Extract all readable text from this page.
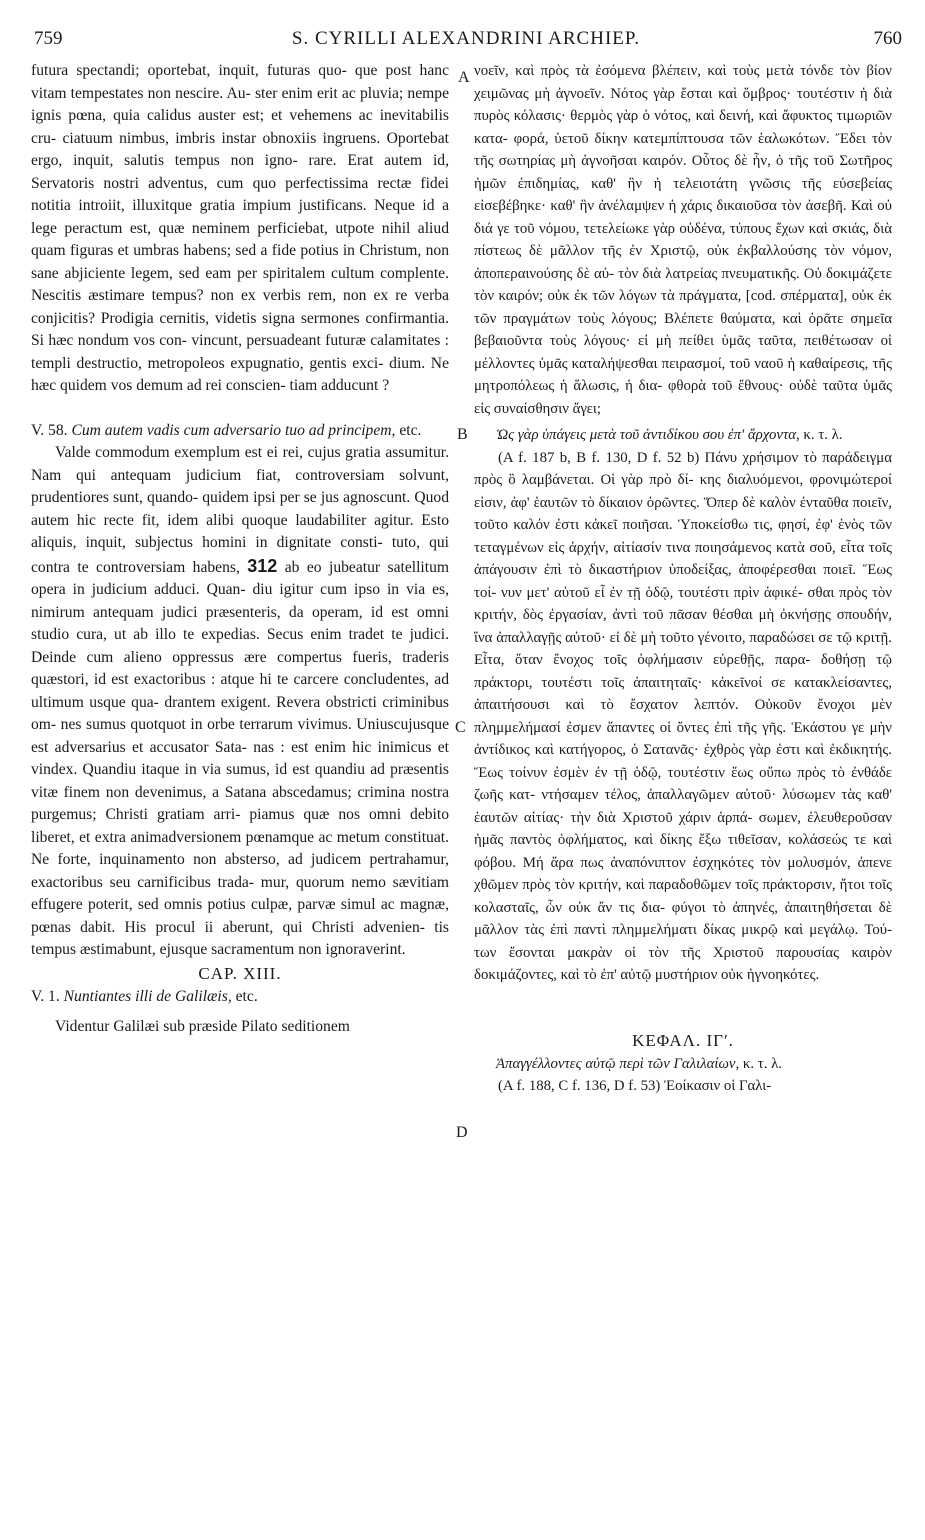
759	S. CYRILLI ALEXANDRINI ARCHIEP.	760
A
B
C
D

futura spectandi; oportebat, inquit, futuras quo- que post hanc vitam tempestates non nescire. Au- ster enim erit ac pluvia; nempe ignis pœna, quia calidus auster est; et vehemens ac inevitabilis cru- ciatuum nimbus, imbris instar obnoxiis ingruens. Oportebat ergo, inquit, salutis tempus non igno- rare. Erat autem id, Servatoris nostri adventus, cum quo perfectissima rectæ fidei notitia introiit, illuxitque gratia impium justificans. Neque id a lege peractum est, quæ neminem perficiebat, utpote nihil aliud quam figuras et umbras habens; sed a fide potius in Christum, non sane abjiciente legem, sed eam per spiritalem cultum complente. Nescitis æstimare tempus? non ex verbis rem, non ex re verba conjicitis? Prodigia cernitis, videtis signa sermones confirmantia. Si hæc nondum vos con- vincunt, persuadeant futuræ calamitates : templi destructio, metropoleos expugnatio, gentis exci- dium. Ne hæc quidem vos demum ad rei conscien- tiam adducunt ?

V. 58. Cum autem vadis cum adversario tuo ad principem, etc.

Valde commodum exemplum est ei rei, cujus gratia assumitur. Nam qui antequam judicium fiat, controversiam solvunt, prudentiores sunt, quando- quidem ipsi per se jus agnoscunt. Quod autem hic recte fit, idem alibi quoque laudabiliter agitur. Esto aliquis, inquit, subjectus homini in dignitate consti- tuto, qui contra te controversiam habens, 312 ab eo jubeatur satellitum opera in judicium adduci. Quan- diu igitur cum ipso in via es, nimirum antequam judici præsenteris, da operam, id est omni studio cura, ut ab illo te expedias. Secus enim tradet te judici. Deinde cum alieno oppressus ære compertus fueris, traderis quæstori, id est exactoribus : atque hi te carcere concludentes, ad ultimum usque qua- drantem exigent. Revera obstricti criminibus om- nes sumus quotquot in orbe terrarum vivimus. Uniuscujusque est adversarius et accusator Sata- nas : est enim hic inimicus et vindex. Quandiu itaque in via sumus, id est quandiu ad præsentis vitæ finem non devenimus, a Satana abscedamus; crimina nostra purgemus; Christi gratiam arri- piamus quæ nos omni debito liberet, et extra animadversionem pœnamque ac metum constituat. Ne forte, inquinamento non absterso, ad judicem pertrahamur, exactoribus seu carnificibus trada- mur, quorum nemo sævitiam effugere poterit, sed omnis potius culpæ, parvæ simul ac magnæ, pœnas dabit. His procul ii aberunt, qui Christi advenien- tis tempus æstimabunt, ejusque sacramentum non ignoraverint.

CAP. XIII.

V. 1. Nuntiantes illi de Galilæis, etc.

Videntur Galilæi sub præside Pilato seditionem

νοεῖν, καὶ πρὸς τὰ ἐσόμενα βλέπειν, καὶ τοὺς μετὰ τόνδε τὸν βίον χειμῶνας μὴ ἀγνοεῖν. Νότος γὰρ ἔσται καὶ ὄμβρος· τουτέστιν ἡ διὰ πυρὸς κόλασις· θερμὸς γὰρ ὁ νότος, καὶ δεινή, καὶ ἄφυκτος τιμωριῶν κατα- φορά, ὑετοῦ δίκην κατεμπίπτουσα τῶν ἑαλωκότων. Ἔδει τὸν τῆς σωτηρίας μὴ ἀγνοῆσαι καιρόν. Οὗτος δὲ ἦν, ὁ τῆς τοῦ Σωτῆρος ἡμῶν ἐπιδημίας, καθ' ἣν ἡ τελειοτάτη γνῶσις τῆς εὐσεβείας εἰσεβέβηκε· καθ' ἣν ἀνέλαμψεν ἡ χάρις δικαιοῦσα τὸν ἀσεβῆ. Καὶ οὐ διά γε τοῦ νόμου, τετελείωκε γὰρ οὐδένα, τύπους ἔχων καὶ σκιάς, διὰ πίστεως δὲ μᾶλλον τῆς ἐν Χριστῷ, οὐκ ἐκβαλλούσης τὸν νόμον, ἀποπεραινούσης δὲ αὐ- τὸν διὰ λατρείας πνευματικῆς. Οὐ δοκιμάζετε τὸν καιρόν; οὐκ ἐκ τῶν λόγων τὰ πράγματα, [cod. σπέρματα], οὐκ ἐκ τῶν πραγμάτων τοὺς λόγους; Βλέπετε θαύματα, καὶ ὁρᾶτε σημεῖα βεβαιοῦντα τοὺς λόγους· εἰ μὴ πείθει ὑμᾶς ταῦτα, πειθέτωσαν οἱ μέλλοντες ὑμᾶς καταλήψεσθαι πειρασμοί, τοῦ ναοῦ ἡ καθαίρεσις, τῆς μητροπόλεως ἡ ἅλωσις, ἡ δια- φθορὰ τοῦ ἔθνους· οὐδὲ ταῦτα ὑμᾶς εἰς συναίσθησιν ἄγει;

Ὡς γὰρ ὑπάγεις μετὰ τοῦ ἀντιδίκου σου ἐπ' ἄρχοντα, κ. τ. λ.

(A f. 187 b, B f. 130, D f. 52 b) Πάνυ χρήσιμον τὸ παράδειγμα πρὸς ὃ λαμβάνεται. Οἱ γὰρ πρὸ δί- κης διαλυόμενοι, φρονιμώτεροί εἰσιν, ἀφ' ἑαυτῶν τὸ δίκαιον ὁρῶντες. Ὅπερ δὲ καλὸν ἐνταῦθα ποιεῖν, τοῦτο καλόν ἐστι κἀκεῖ ποιῆσαι. Ὑποκείσθω τις, φησί, ἐφ' ἑνὸς τῶν τεταγμένων εἰς ἀρχήν, αἰτίασίν τινα ποιησάμενος κατὰ σοῦ, εἶτα τοῖς ἀπάγουσιν ἐπὶ τὸ δικαστήριον ὑποδείξας, ἀποφέρεσθαι ποιεῖ. Ἕως τοί- νυν μετ' αὐτοῦ εἶ ἐν τῇ ὁδῷ, τουτέστι πρὶν ἀφικέ- σθαι πρὸς τὸν κριτήν, δὸς ἐργασίαν, ἀντὶ τοῦ πᾶσαν θέσθαι μὴ ὀκνήσῃς σπουδήν, ἵνα ἀπαλλαγῇς αὐτοῦ· εἰ δὲ μὴ τοῦτο γένοιτο, παραδώσει σε τῷ κριτῇ. Εἶτα, ὅταν ἔνοχος τοῖς ὀφλήμασιν εὑρεθῇς, παρα- δοθήσῃ τῷ πράκτορι, τουτέστι τοῖς ἀπαιτηταῖς· κἀκεῖνοί σε κατακλείσαντες, ἀπαιτήσουσι καὶ τὸ ἔσχατον λεπτόν. Οὐκοῦν ἔνοχοι μὲν πλημμελήμασί ἐσμεν ἅπαντες οἱ ὄντες ἐπὶ τῆς γῆς. Ἑκάστου γε μὴν ἀντίδικος καὶ κατήγορος, ὁ Σατανᾶς· ἐχθρὸς γὰρ ἐστι καὶ ἐκδικητής. Ἕως τοίνυν ἐσμὲν ἐν τῇ ὁδῷ, τουτέστιν ἕως οὔπω πρὸς τὸ ἐνθάδε ζωῆς κατ- ντήσαμεν τέλος, ἀπαλλαγῶμεν αὐτοῦ· λύσωμεν τὰς καθ' ἑαυτῶν αἰτίας· τὴν διὰ Χριστοῦ χάριν ἁρπά- σωμεν, ἐλευθεροῦσαν ἡμᾶς παντὸς ὀφλήματος, καὶ δίκης ἔξω τιθεῖσαν, κολάσεώς τε καὶ φόβου. Μή ἄρα πως ἀναπόνιπτον ἐσχηκότες τὸν μολυσμόν, ἀπενε χθῶμεν πρὸς τὸν κριτήν, καὶ παραδοθῶμεν τοῖς πράκτορσιν, ἤτοι τοῖς κολασταῖς, ὧν οὐκ ἄν τις δια- φύγοι τὸ ἀπηνές, ἀπαιτηθήσεται δὲ μᾶλλον τὰς ἐπὶ παντὶ πλημμελήματι δίκας μικρῷ καὶ μεγάλῳ. Τού- των ἔσονται μακρὰν οἱ τὸν τῆς Χριστοῦ παρουσίας καιρὸν δοκιμάζοντες, καὶ τὸ ἐπ' αὐτῷ μυστήριον οὐκ ἠγνοηκότες.

ΚΕΦΑΛ. ΙΓʹ.

Ἀπαγγέλλοντες αὐτῷ περὶ τῶν Γαλιλαίων, κ. τ. λ.

(A f. 188, C f. 136, D f. 53) Ἐοίκασιν οἱ Γαλι-
